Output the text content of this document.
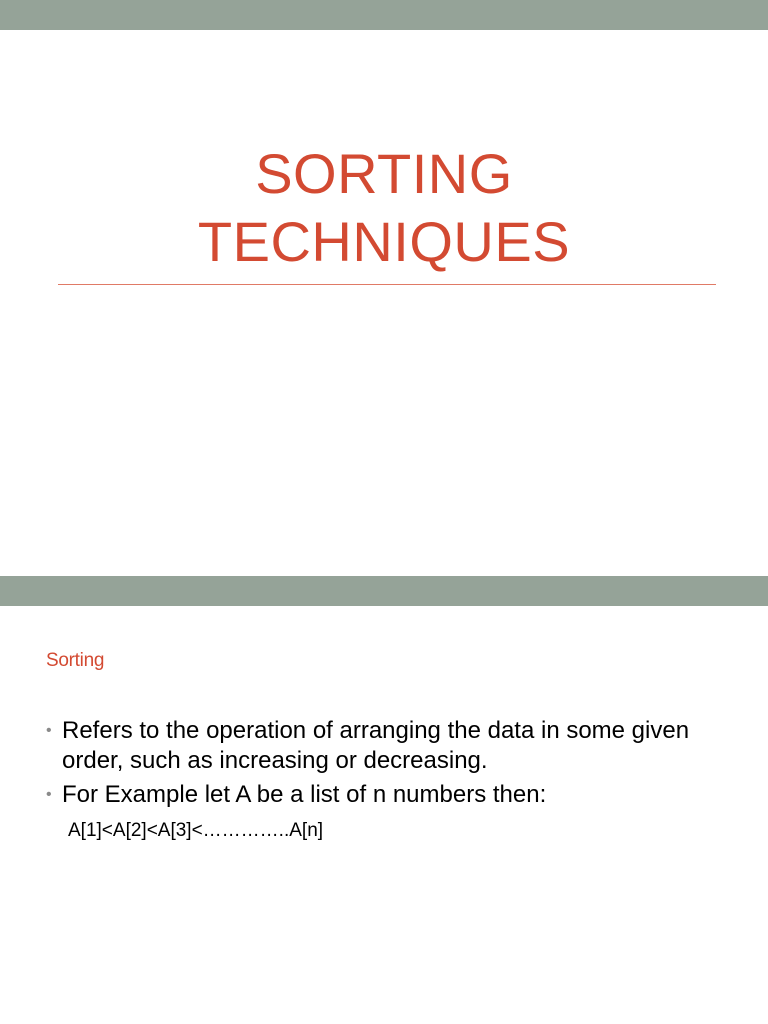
SORTING
TECHNIQUES
Sorting
• Refers to the operation of arranging the data in some given order, such as increasing or decreasing.
• For Example let A be a list of n numbers then:
A[1]<A[2]<A[3]<…………..A[n]
